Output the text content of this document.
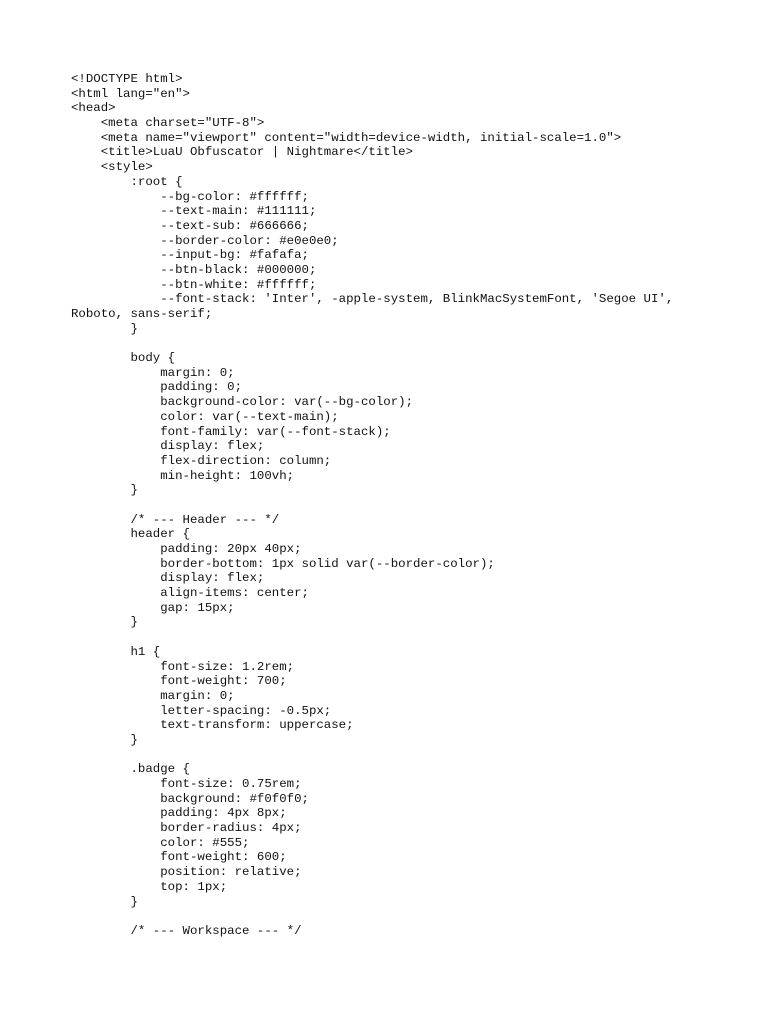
<!DOCTYPE html>
<html lang="en">
<head>
<meta charset="UTF-8">
<meta name="viewport" content="width=device-width, initial-scale=1.0">
<title>LuaU Obfuscator | Nightmare</title>
<style>
:root {
--bg-color: #ffffff;
--text-main: #111111;
--text-sub: #666666;
--border-color: #e0e0e0;
--input-bg: #fafafa;
--btn-black: #000000;
--btn-white: #ffffff;
--font-stack: 'Inter', -apple-system, BlinkMacSystemFont, 'Segoe UI',
Roboto, sans-serif;
}
body {
margin: 0;
padding: 0;
background-color: var(--bg-color);
color: var(--text-main);
font-family: var(--font-stack);
display: flex;
flex-direction: column;
min-height: 100vh;
}
/* --- Header --- */
header {
padding: 20px 40px;
border-bottom: 1px solid var(--border-color);
display: flex;
align-items: center;
gap: 15px;
}
h1 {
font-size: 1.2rem;
font-weight: 700;
margin: 0;
letter-spacing: -0.5px;
text-transform: uppercase;
}
.badge {
font-size: 0.75rem;
background: #f0f0f0;
padding: 4px 8px;
border-radius: 4px;
color: #555;
font-weight: 600;
position: relative;
top: 1px;
}
/* --- Workspace --- */
